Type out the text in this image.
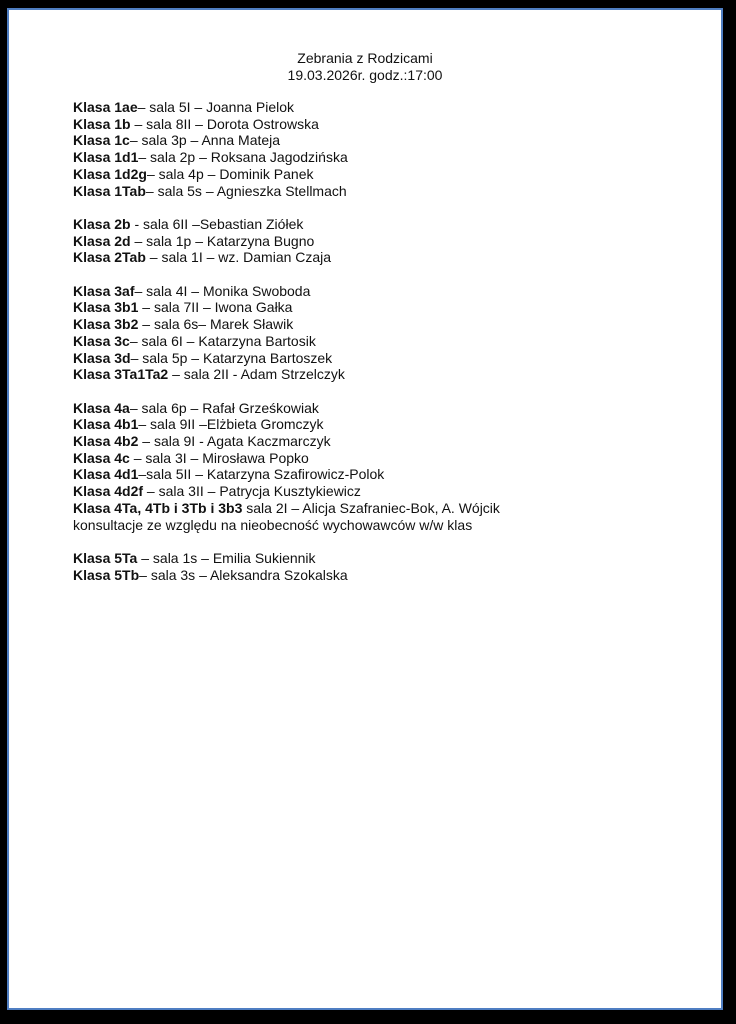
Zebrania z Rodzicami
19.03.2026r. godz.:17:00
Klasa 1ae– sala 5I – Joanna Pielok
Klasa 1b – sala 8II – Dorota Ostrowska
Klasa 1c– sala 3p – Anna Mateja
Klasa 1d1– sala 2p – Roksana Jagodzińska
Klasa 1d2g– sala 4p – Dominik Panek
Klasa 1Tab– sala 5s – Agnieszka Stellmach
Klasa 2b - sala 6II –Sebastian Ziółek
Klasa 2d – sala 1p – Katarzyna Bugno
Klasa 2Tab – sala 1I – wz. Damian Czaja
Klasa 3af– sala 4I – Monika Swoboda
Klasa 3b1 – sala 7II – Iwona Gałka
Klasa 3b2 – sala 6s– Marek Sławik
Klasa 3c– sala 6I – Katarzyna Bartosik
Klasa 3d– sala 5p – Katarzyna Bartoszek
Klasa 3Ta1Ta2 – sala 2II - Adam Strzelczyk
Klasa 4a– sala 6p – Rafał Grześkowiak
Klasa 4b1– sala 9II –Elżbieta Gromczyk
Klasa 4b2 – sala 9I - Agata Kaczmarczyk
Klasa 4c – sala 3I – Mirosława Popko
Klasa 4d1–sala 5II – Katarzyna Szafirowicz-Polok
Klasa 4d2f – sala 3II – Patrycja Kusztykiewicz
Klasa 4Ta, 4Tb i 3Tb i 3b3 sala 2I – Alicja Szafraniec-Bok, A. Wójcik
konsultacje ze względu na nieobecność wychowawców w/w klas
Klasa 5Ta – sala 1s – Emilia Sukiennik
Klasa 5Tb– sala 3s – Aleksandra Szokalska
